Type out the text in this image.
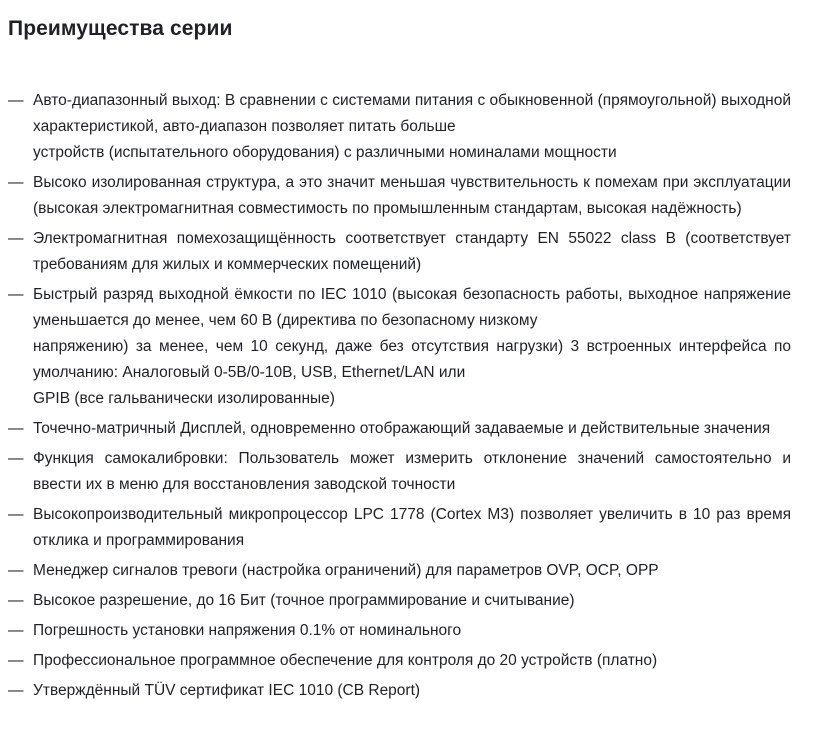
Преимущества серии
— Авто-диапазонный выход: В сравнении с системами питания с обыкновенной (прямоугольной) выходной характеристикой, авто-диапазон позволяет питать больше
устройств (испытательного оборудования) с различными номиналами мощности
— Высоко изолированная структура, а это значит меньшая чувствительность к помехам при эксплуатации (высокая электромагнитная совместимость по промышленным стандартам, высокая надёжность)
— Электромагнитная помехозащищённость соответствует стандарту EN 55022 class B (соответствует требованиям для жилых и коммерческих помещений)
— Быстрый разряд выходной ёмкости по IEC 1010 (высокая безопасность работы, выходное напряжение уменьшается до менее, чем 60 В (директива по безопасному низкому
напряжению) за менее, чем 10 секунд, даже без отсутствия нагрузки) 3 встроенных интерфейса по умолчанию: Аналоговый 0-5В/0-10В, USB, Ethernet/LAN или
GPIB (все гальванически изолированные)
— Точечно-матричный Дисплей, одновременно отображающий задаваемые и действительные значения
— Функция самокалибровки: Пользователь может измерить отклонение значений самостоятельно и ввести их в меню для восстановления заводской точности
— Высокопроизводительный микропроцессор LPC 1778 (Cortex M3) позволяет увеличить в 10 раз время отклика и программирования
— Менеджер сигналов тревоги (настройка ограничений) для параметров OVP, OCP, OPP
— Высокое разрешение, до 16 Бит (точное программирование и считывание)
— Погрешность установки напряжения 0.1% от номинального
— Профессиональное программное обеспечение для контроля до 20 устройств (платно)
— Утверждённый TÜV сертификат IEC 1010 (CB Report)
